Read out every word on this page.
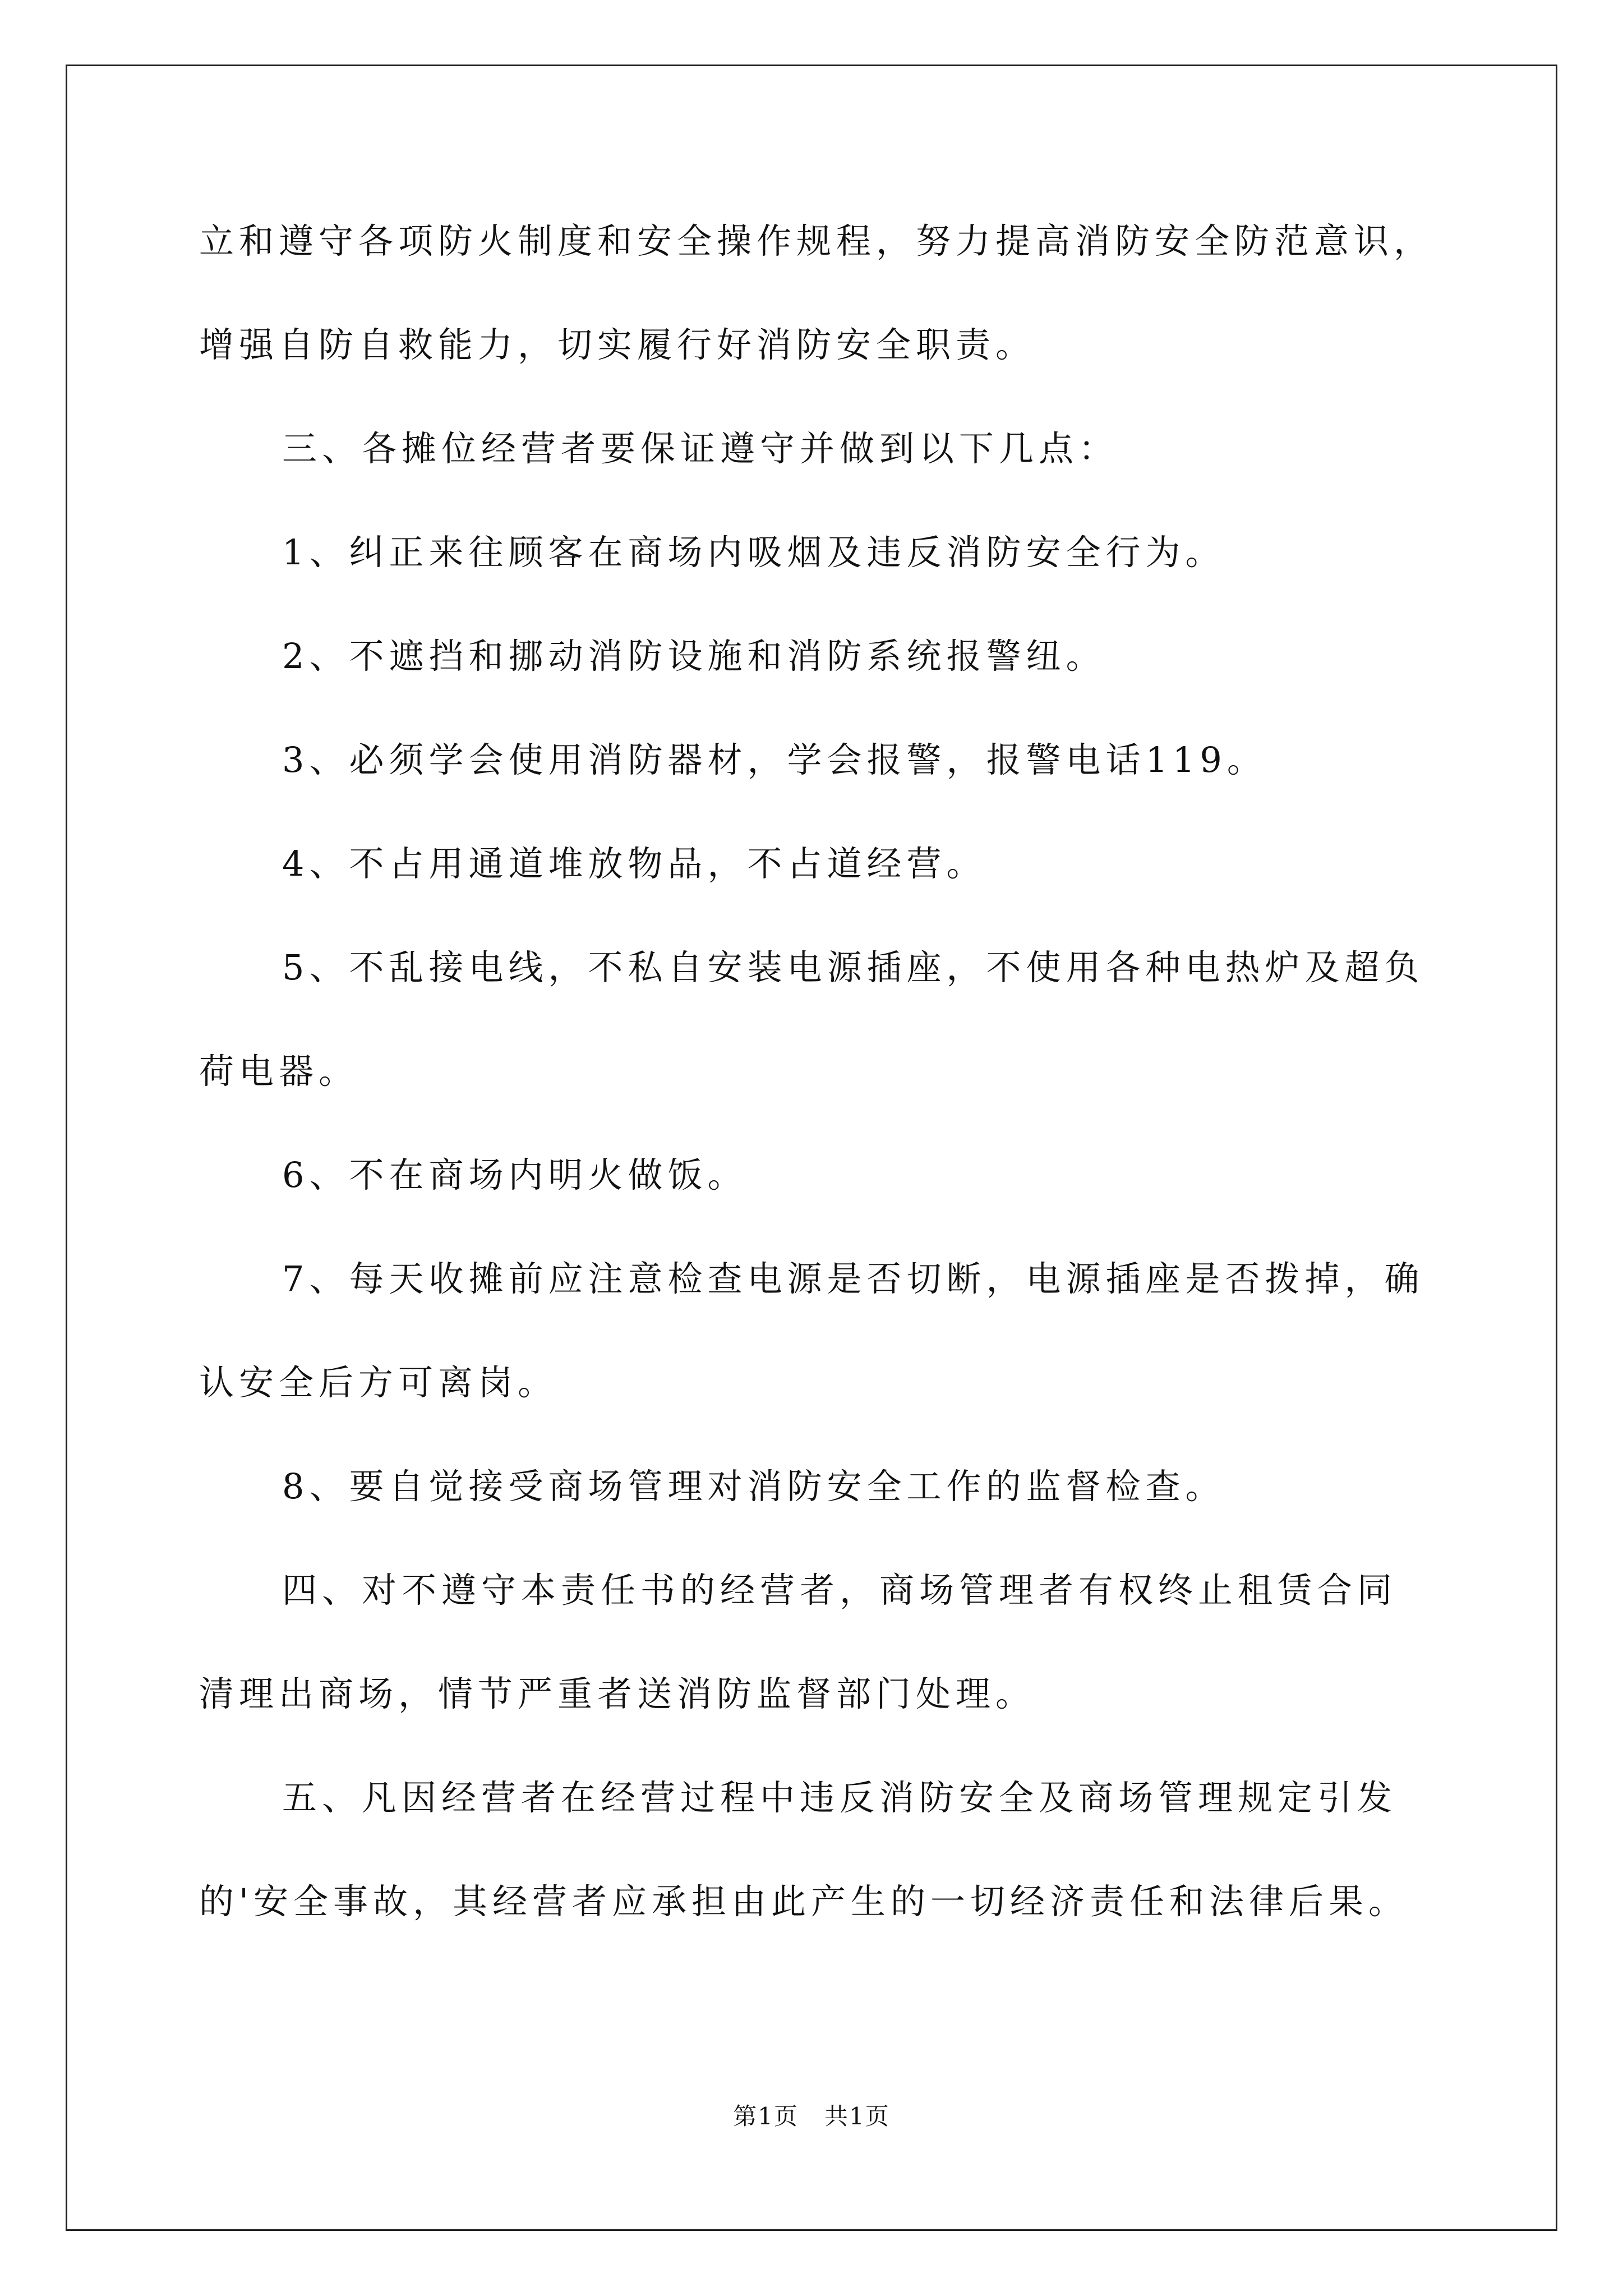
立和遵守各项防火制度和安全操作规程，努力提高消防安全防范意识，
增强自防自救能力，切实履行好消防安全职责。
三、各摊位经营者要保证遵守并做到以下几点：
1、纠正来往顾客在商场内吸烟及违反消防安全行为。
2、不遮挡和挪动消防设施和消防系统报警纽。
3、必须学会使用消防器材，学会报警，报警电话119。
4、不占用通道堆放物品，不占道经营。
5、不乱接电线，不私自安装电源插座，不使用各种电热炉及超负
荷电器。
6、不在商场内明火做饭。
7、每天收摊前应注意检查电源是否切断，电源插座是否拨掉，确
认安全后方可离岗。
8、要自觉接受商场管理对消防安全工作的监督检查。
四、对不遵守本责任书的经营者，商场管理者有权终止租赁合同
清理出商场，情节严重者送消防监督部门处理。
五、凡因经营者在经营过程中违反消防安全及商场管理规定引发
的'安全事故，其经营者应承担由此产生的一切经济责任和法律后果。
第1页   共1页
